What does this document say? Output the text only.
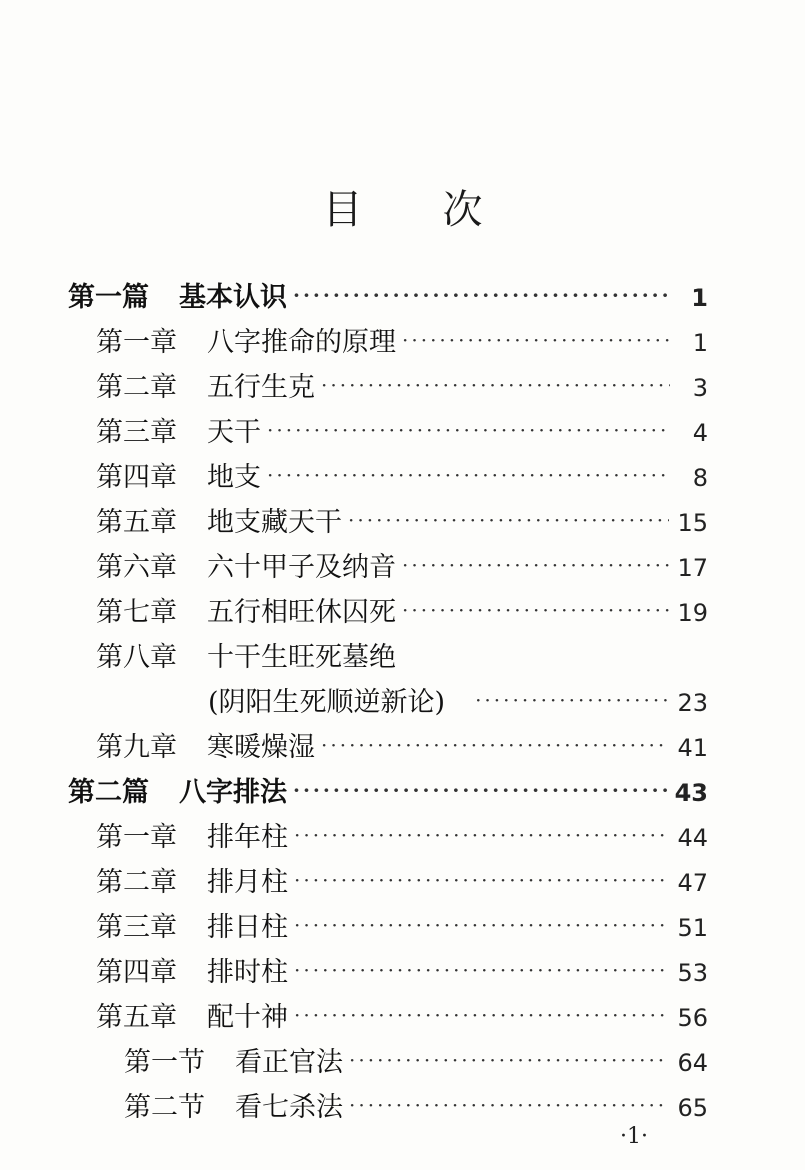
目 次
第一篇 基本认识 ·····	1
第一章 八字推命的原理 ·····	1
第二章 五行生克 ·····	3
第三章 天干 ·····	4
第四章 地支 ·····	8
第五章 地支藏天干 ·····	15
第六章 六十甲子及纳音 ·····	17
第七章 五行相旺休囚死 ·····	19
第八章 十干生旺死墓绝
(阴阳生死顺逆新论) ·····	23
第九章 寒暖燥湿 ·····	41
第二篇 八字排法 ·····	43
第一章 排年柱 ·····	44
第二章 排月柱 ·····	47
第三章 排日柱 ·····	51
第四章 排时柱 ·····	53
第五章 配十神 ·····	56
第一节 看正官法 ·····	64
第二节 看七杀法 ·····	65
·1·
